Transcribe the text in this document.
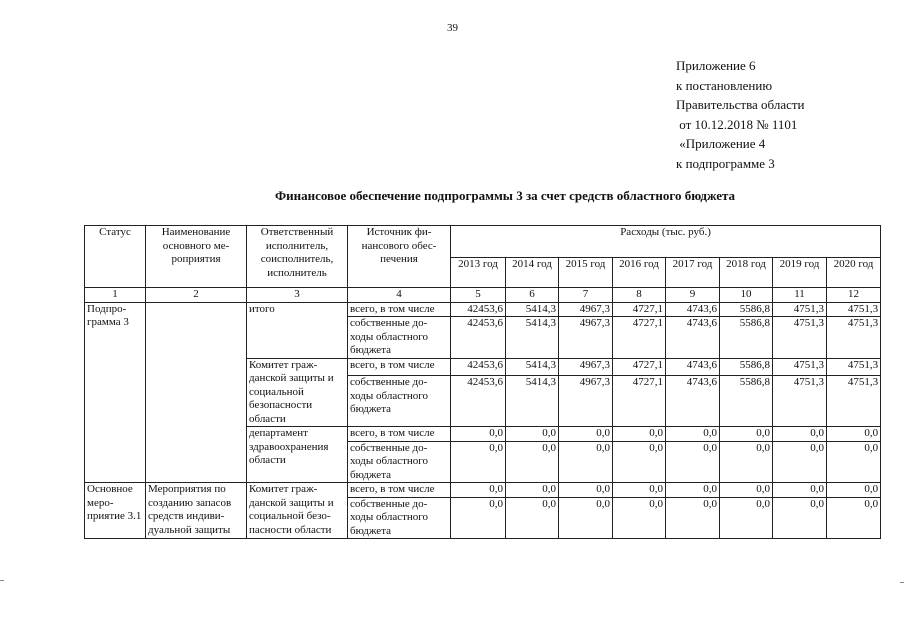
39
Приложение 6
к постановлению
Правительства области
от 10.12.2018 № 1101
«Приложение 4
к подпрограмме 3
Финансовое обеспечение подпрограммы 3 за счет средств областного бюджета
Статус	Наименование основного ме-роприятия	Ответственный исполнитель, соисполнитель, исполнитель	Источник фи-нансового обес-печения	Расходы (тыс. руб.)							
				2013 год	2014 год	2015 год	2016 год	2017 год	2018 год	2019 год	2020 год
1	2	3	4	5	6	7	8	9	10	11	12
Подпро-грамма 3		итого	всего, в том числе	42453,6	5414,3	4967,3	4727,1	4743,6	5586,8	4751,3	4751,3
			собственные до-ходы областного бюджета	42453,6	5414,3	4967,3	4727,1	4743,6	5586,8	4751,3	4751,3
		Комитет граж-данской защиты и социальной безопасности области	всего, в том числе	42453,6	5414,3	4967,3	4727,1	4743,6	5586,8	4751,3	4751,3
			собственные до-ходы областного бюджета	42453,6	5414,3	4967,3	4727,1	4743,6	5586,8	4751,3	4751,3
		департамент здравоохранения области	всего, в том числе	0,0	0,0	0,0	0,0	0,0	0,0	0,0	0,0
			собственные до-ходы областного бюджета	0,0	0,0	0,0	0,0	0,0	0,0	0,0	0,0
Основное меро-приятие 3.1	Мероприятия по созданию запасов средств индиви-дуальной защиты	Комитет граж-данской защиты и социальной безо-пасности области	всего, в том числе	0,0	0,0	0,0	0,0	0,0	0,0	0,0	0,0
			собственные до-ходы областного бюджета	0,0	0,0	0,0	0,0	0,0	0,0	0,0	0,0
